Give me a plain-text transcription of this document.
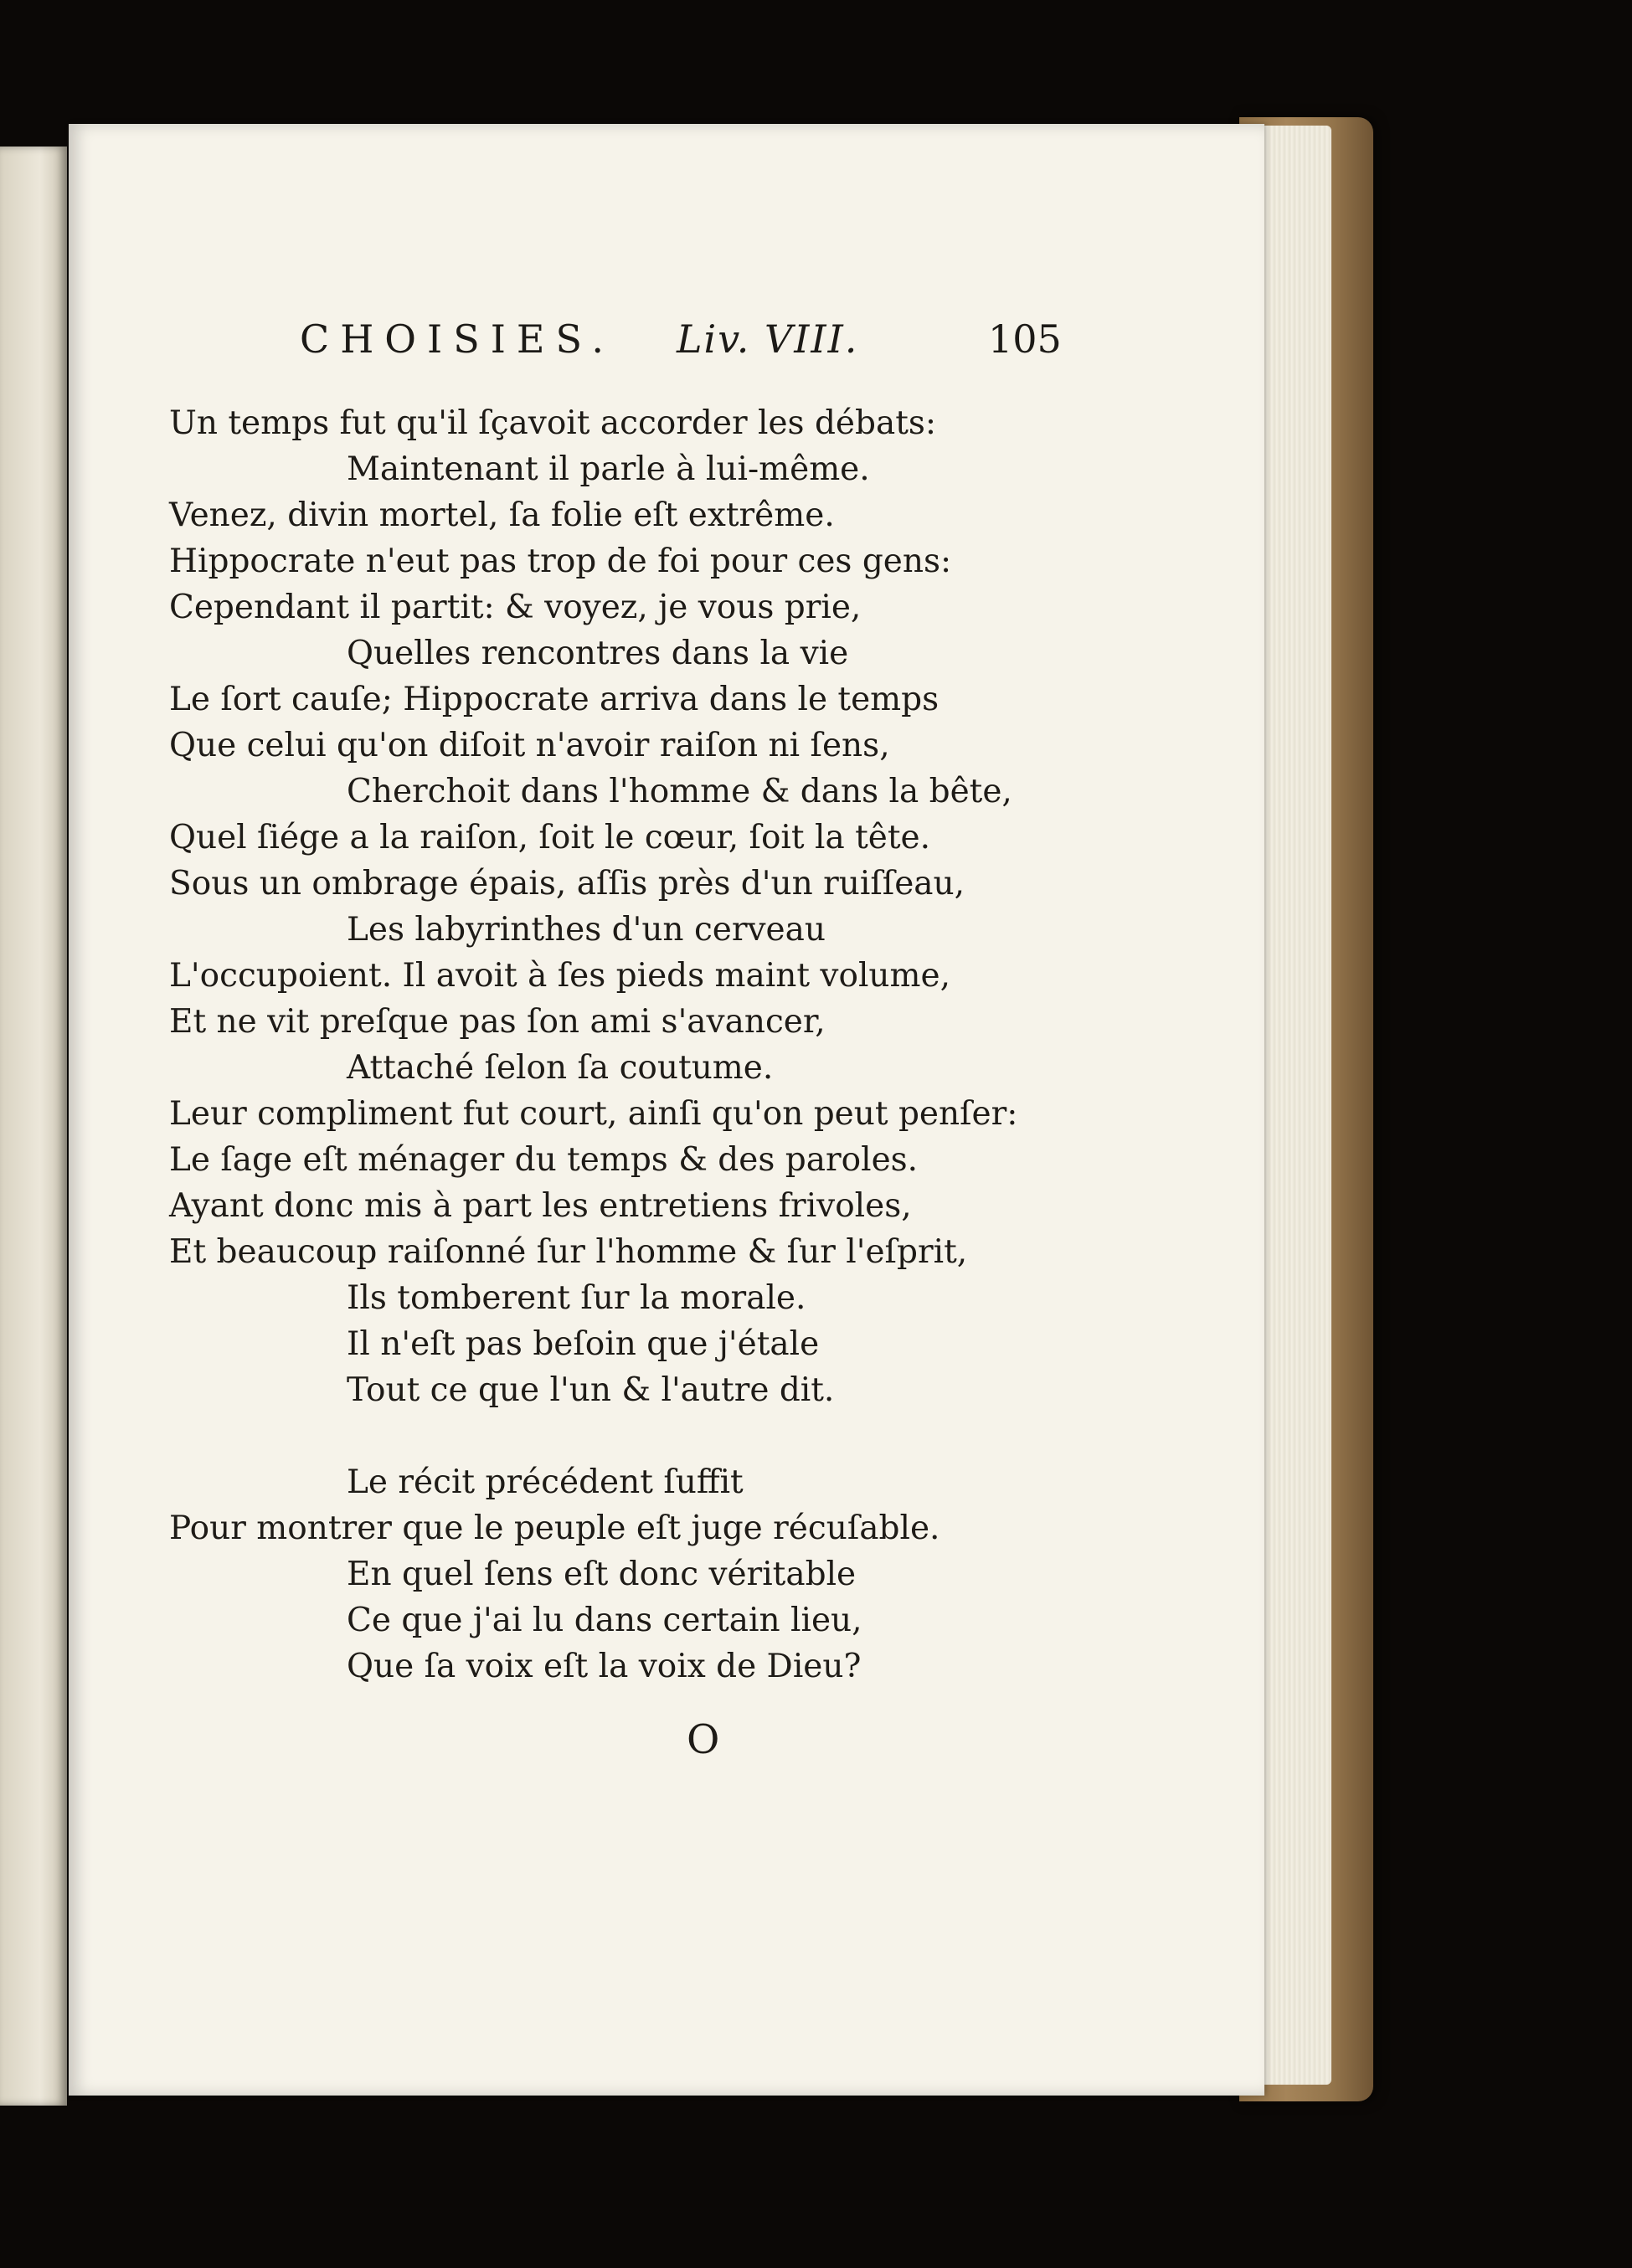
CHOISIES. Liv. VIII.	105
Un temps fut qu'il ſçavoit accorder les débats:
Maintenant il parle à lui-même.
Venez, divin mortel, ſa folie eſt extrême.
Hippocrate n'eut pas trop de foi pour ces gens:
Cependant il partit: & voyez, je vous prie,
Quelles rencontres dans la vie
Le ſort cauſe; Hippocrate arriva dans le temps
Que celui qu'on diſoit n'avoir raiſon ni ſens,
Cherchoit dans l'homme & dans la bête,
Quel ſiége a la raiſon, ſoit le cœur, ſoit la tête.
Sous un ombrage épais, aſſis près d'un ruiſſeau,
Les labyrinthes d'un cerveau
L'occupoient. Il avoit à ſes pieds maint volume,
Et ne vit preſque pas ſon ami s'avancer,
Attaché ſelon ſa coutume.
Leur compliment fut court, ainſi qu'on peut penſer:
Le ſage eſt ménager du temps & des paroles.
Ayant donc mis à part les entretiens frivoles,
Et beaucoup raiſonné ſur l'homme & ſur l'eſprit,
Ils tomberent ſur la morale.
Il n'eſt pas beſoin que j'étale
Tout ce que l'un & l'autre dit.
Le récit précédent ſuffit
Pour montrer que le peuple eſt juge récuſable.
En quel ſens eſt donc véritable
Ce que j'ai lu dans certain lieu,
Que ſa voix eſt la voix de Dieu?
O
